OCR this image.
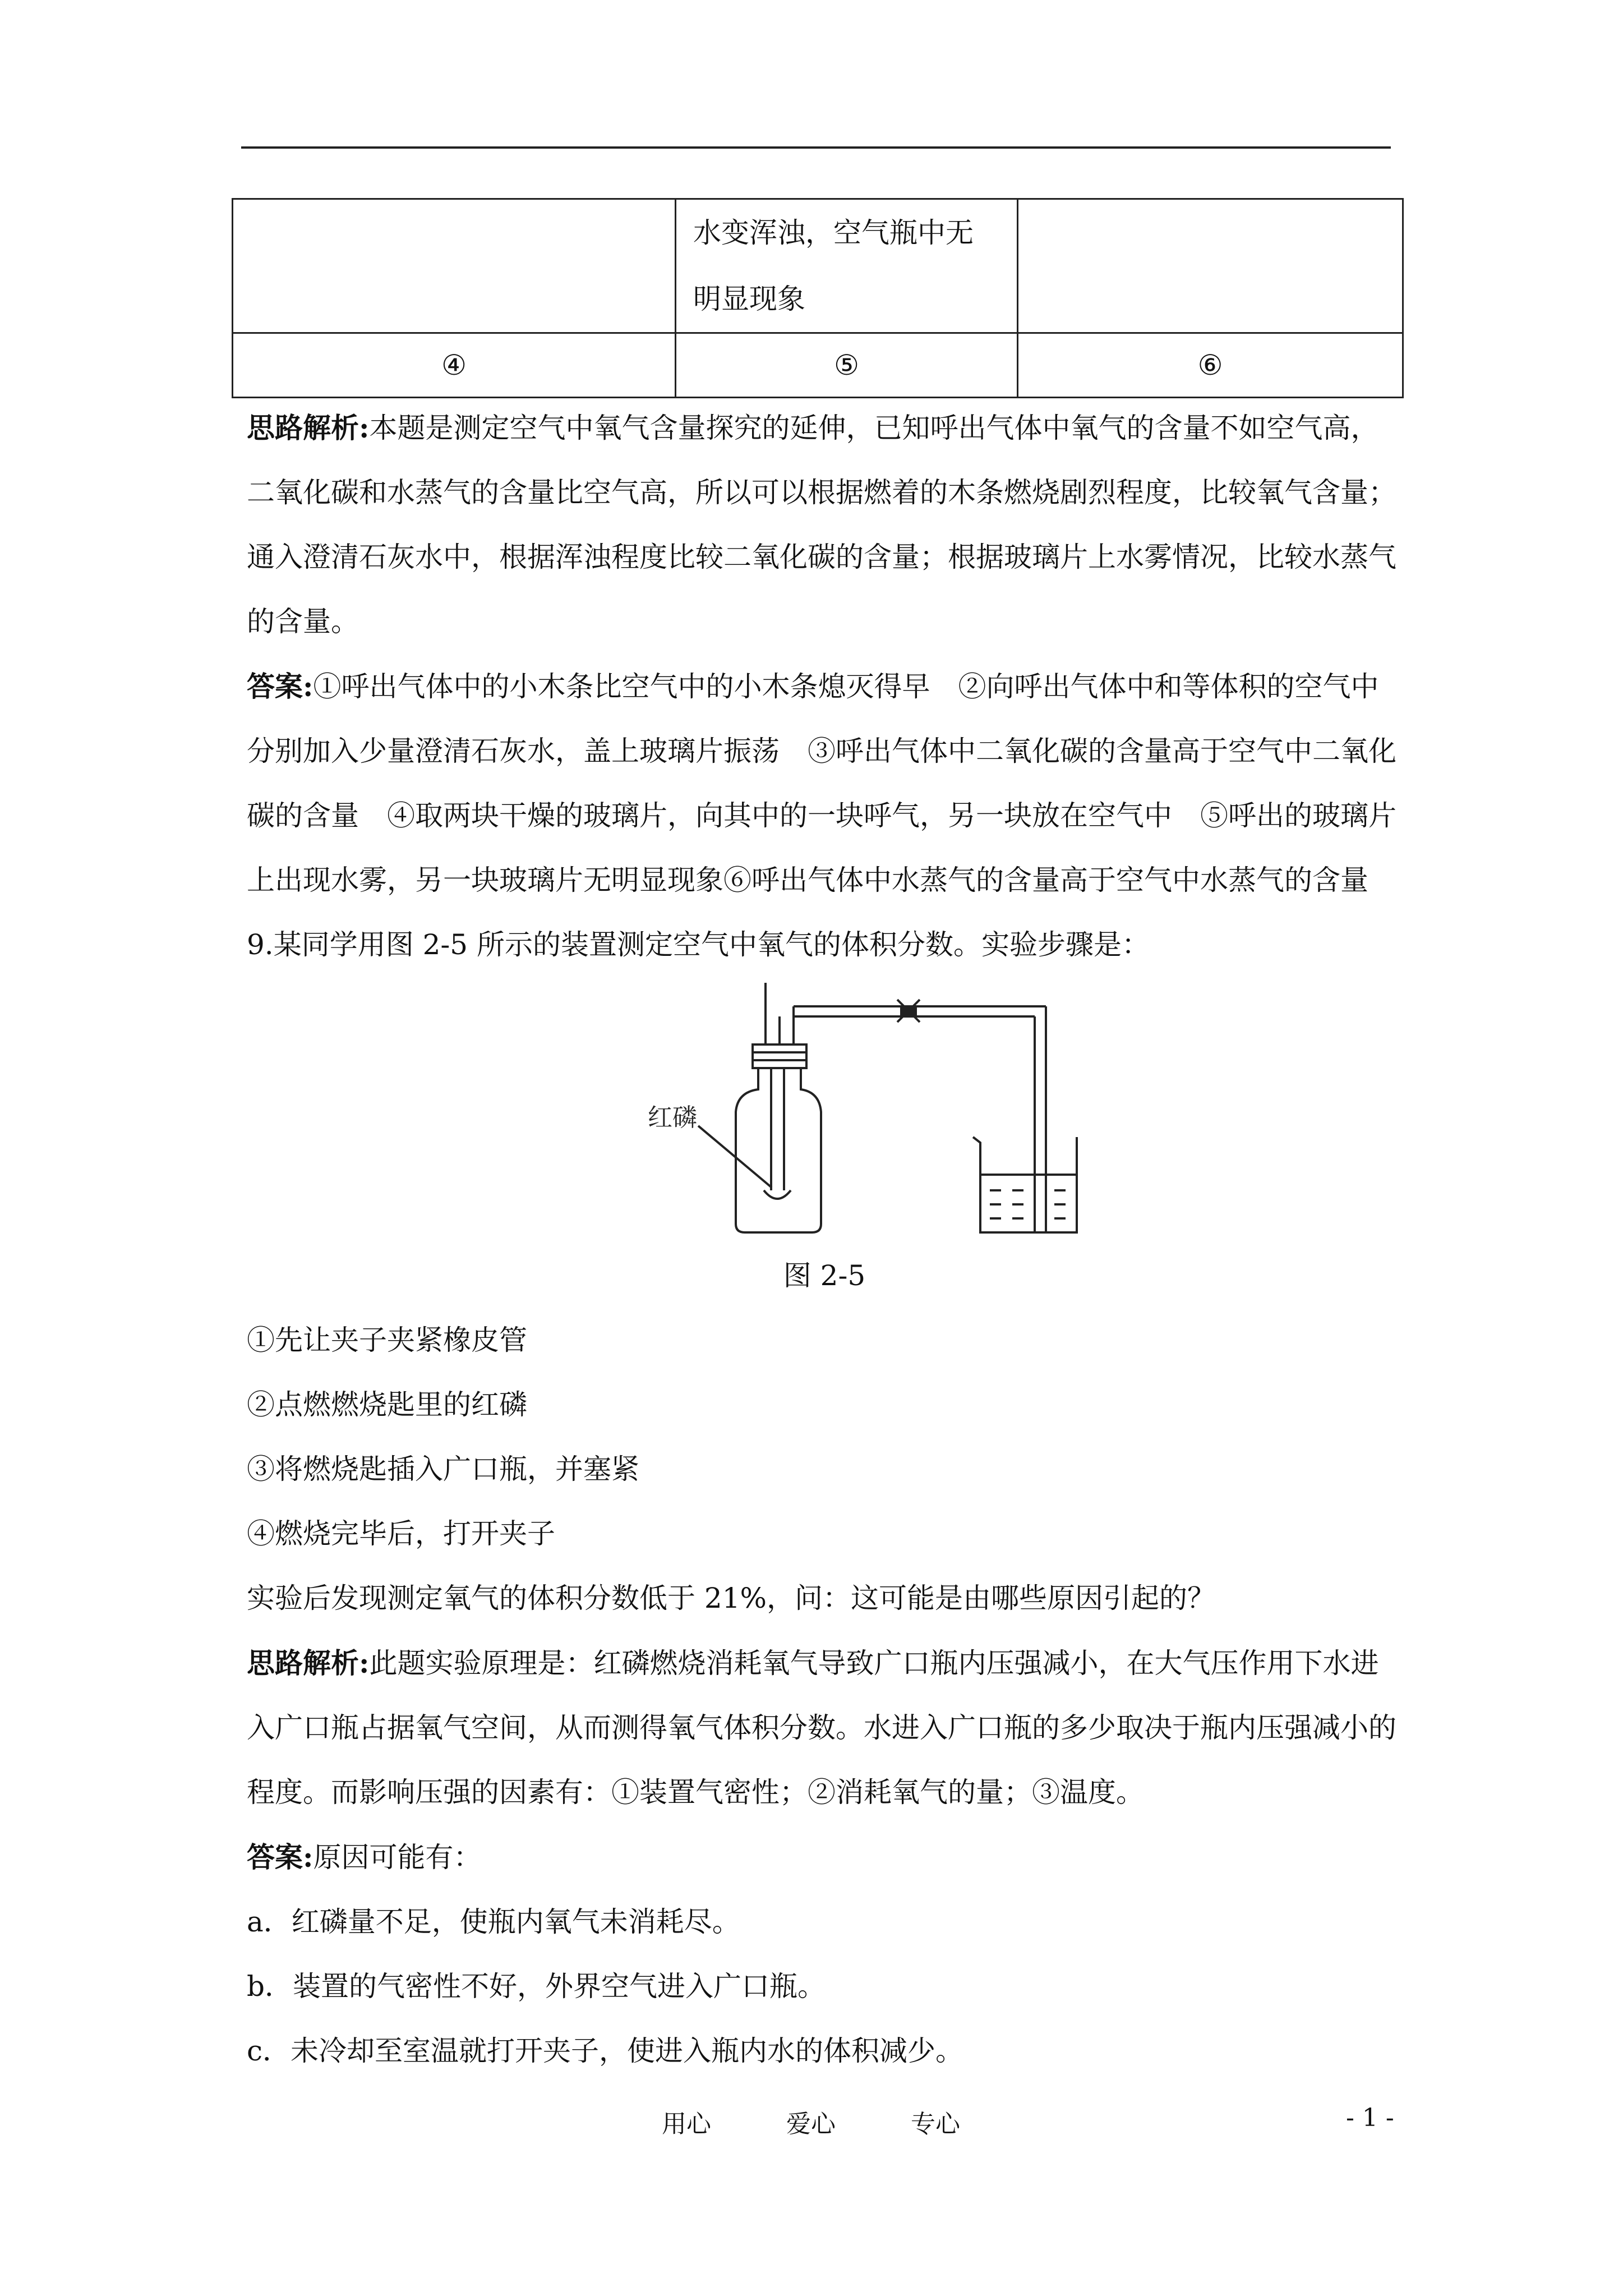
	水变浑浊，空气瓶中无明显现象	
④	⑤	⑥

思路解析:本题是测定空气中氧气含量探究的延伸，已知呼出气体中氧气的含量不如空气高，二氧化碳和水蒸气的含量比空气高，所以可以根据燃着的木条燃烧剧烈程度，比较氧气含量；通入澄清石灰水中，根据浑浊程度比较二氧化碳的含量；根据玻璃片上水雾情况，比较水蒸气的含量。

答案:①呼出气体中的小木条比空气中的小木条熄灭得早　②向呼出气体中和等体积的空气中分别加入少量澄清石灰水，盖上玻璃片振荡　③呼出气体中二氧化碳的含量高于空气中二氧化碳的含量　④取两块干燥的玻璃片，向其中的一块呼气，另一块放在空气中　⑤呼出的玻璃片上出现水雾，另一块玻璃片无明显现象⑥呼出气体中水蒸气的含量高于空气中水蒸气的含量

9.某同学用图 2-5 所示的装置测定空气中氧气的体积分数。实验步骤是：

红磷

图 2-5

①先让夹子夹紧橡皮管

②点燃燃烧匙里的红磷

③将燃烧匙插入广口瓶，并塞紧

④燃烧完毕后，打开夹子

实验后发现测定氧气的体积分数低于 21%，问：这可能是由哪些原因引起的？

思路解析:此题实验原理是：红磷燃烧消耗氧气导致广口瓶内压强减小，在大气压作用下水进入广口瓶占据氧气空间，从而测得氧气体积分数。水进入广口瓶的多少取决于瓶内压强减小的程度。而影响压强的因素有：①装置气密性；②消耗氧气的量；③温度。

答案:原因可能有：

a．红磷量不足，使瓶内氧气未消耗尽。

b．装置的气密性不好，外界空气进入广口瓶。

c．未冷却至室温就打开夹子，使进入瓶内水的体积减少。

用心	爱心	专心	- 1 -
